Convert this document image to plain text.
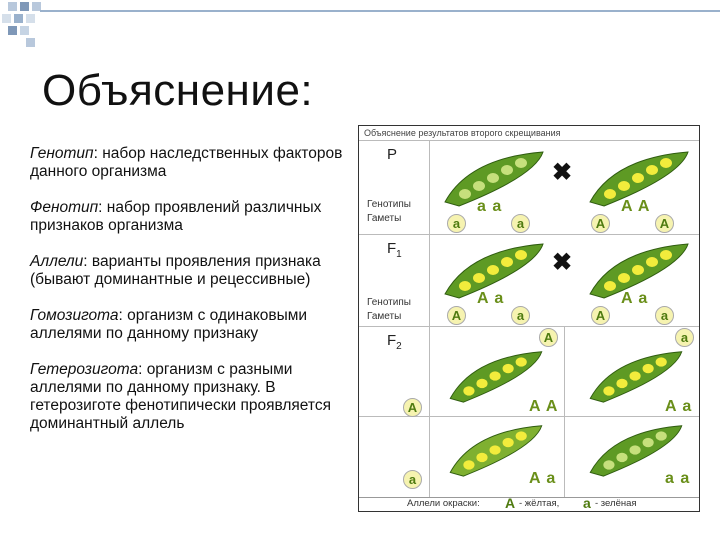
Объяснение:

Генотип: набор наследственных факторов данного организма

Фенотип: набор проявлений различных признаков организма

Аллели: варианты проявления признака (бывают доминантные и рецессивные)

Гомозигота: организм с одинаковыми аллелями по данному признаку

Гетерозигота: организм с разными аллелями по данному признаку. В гетерозиготе фенотипически проявляется доминантный аллель

Объяснение результатов второго скрещивания
P
$F_1$
$F_2$
Генотипы
Гаметы
Генотипы
Гаметы
✖
✖
a a	A A
a	a	A	A
A a	A a
A	a	A	a
A	a
A
a
A A	A a
A a	a a
Аллели окраски: A - жёлтая, a - зелёная
